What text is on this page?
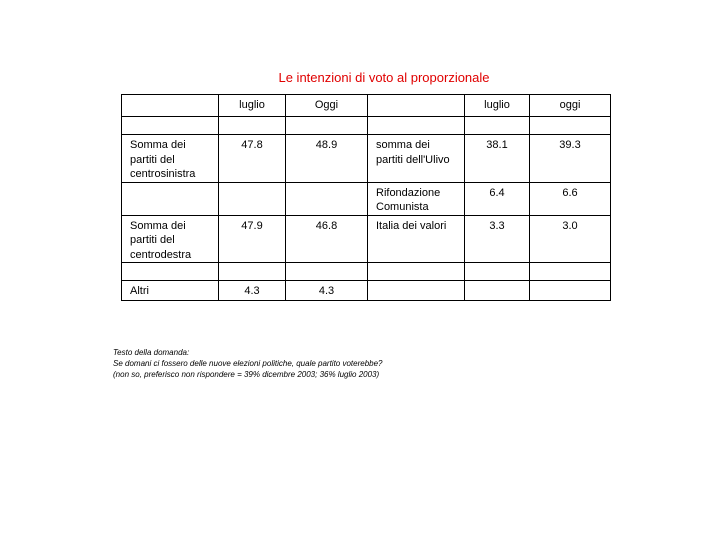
Le intenzioni di voto al proporzionale
	luglio	Oggi		luglio	oggi

Somma dei partiti del centrosinistra	47.8	48.9	somma dei partiti dell'Ulivo	38.1	39.3
			Rifondazione Comunista	6.4	6.6
Somma dei partiti del centrodestra	47.9	46.8	Italia dei valori	3.3	3.0

Altri	4.3	4.3			
Testo della domanda:
Se domani ci fossero delle nuove elezioni politiche, quale partito voterebbe?
(non so, preferisco non rispondere = 39% dicembre 2003; 36% luglio 2003)
